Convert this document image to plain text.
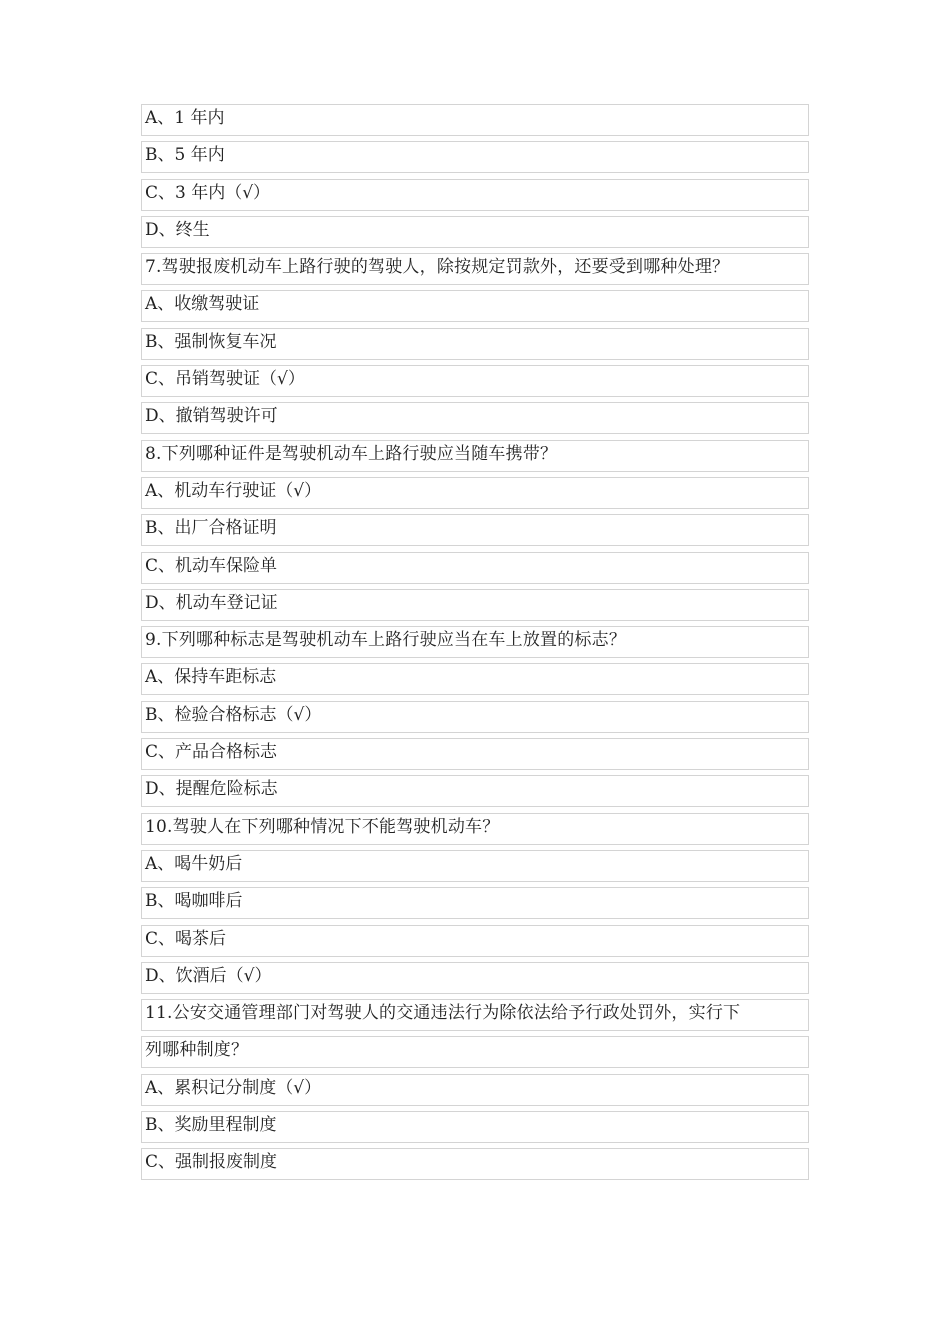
A、1 年内
B、5 年内
C、3 年内（√）
D、终生
7.驾驶报废机动车上路行驶的驾驶人，除按规定罚款外，还要受到哪种处理？
A、收缴驾驶证
B、强制恢复车况
C、吊销驾驶证（√）
D、撤销驾驶许可
8.下列哪种证件是驾驶机动车上路行驶应当随车携带？
A、机动车行驶证（√）
B、出厂合格证明
C、机动车保险单
D、机动车登记证
9.下列哪种标志是驾驶机动车上路行驶应当在车上放置的标志？
A、保持车距标志
B、检验合格标志（√）
C、产品合格标志
D、提醒危险标志
10.驾驶人在下列哪种情况下不能驾驶机动车？
A、喝牛奶后
B、喝咖啡后
C、喝茶后
D、饮酒后（√）
11.公安交通管理部门对驾驶人的交通违法行为除依法给予行政处罚外，实行下
列哪种制度？
A、累积记分制度（√）
B、奖励里程制度
C、强制报废制度
